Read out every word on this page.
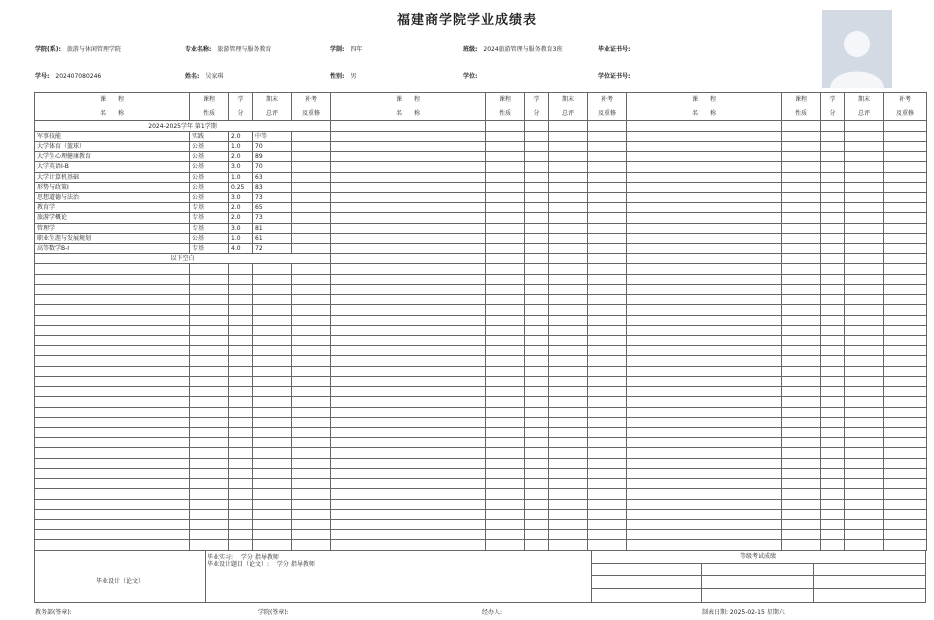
福建商学院学业成绩表
学院(系): 旅游与休闲管理学院	专业名称: 旅游管理与服务教育	学制: 四年	班级: 2024旅游管理与服务教育3班	毕业证书号:
学号: 202407080246	姓名: 吴家琪	性别: 男	学位:	学位证书号:
课　　程	课程	学	期末	补考	课　　程	课程	学	期末	补考	课　　程	课程	学	期末	补考
名　　称	性质	分	总评	及重修	名　　称	性质	分	总评	及重修	名　　称	性质	分	总评	及重修
2024-2025学年 第1学期														
军事技能	实践	2.0	中等											
大学体育（篮球）	公基	1.0	70											
大学生心理健康教育	公基	2.0	89											
大学英语Ⅰ-B	公基	3.0	70											
大学计算机基础	公基	1.0	63											
形势与政策Ⅰ	公基	0.25	83											
思想道德与法治	公基	3.0	73											
教育学	专基	2.0	65											
旅游学概论	专基	2.0	73											
管理学	专基	3.0	81											
职业生涯与发展规划	公基	1.0	61											
高等数学B-Ⅰ	专基	4.0	72											
以下空白														

毕业设计（论文）
毕业实习:　 学分 指导教师
毕业设计题目（论文）:　 学分 指导教师
等级考试成绩
教务部(签章):	学院(签章):	经办人:	制表日期: 2025-02-15 星期六
